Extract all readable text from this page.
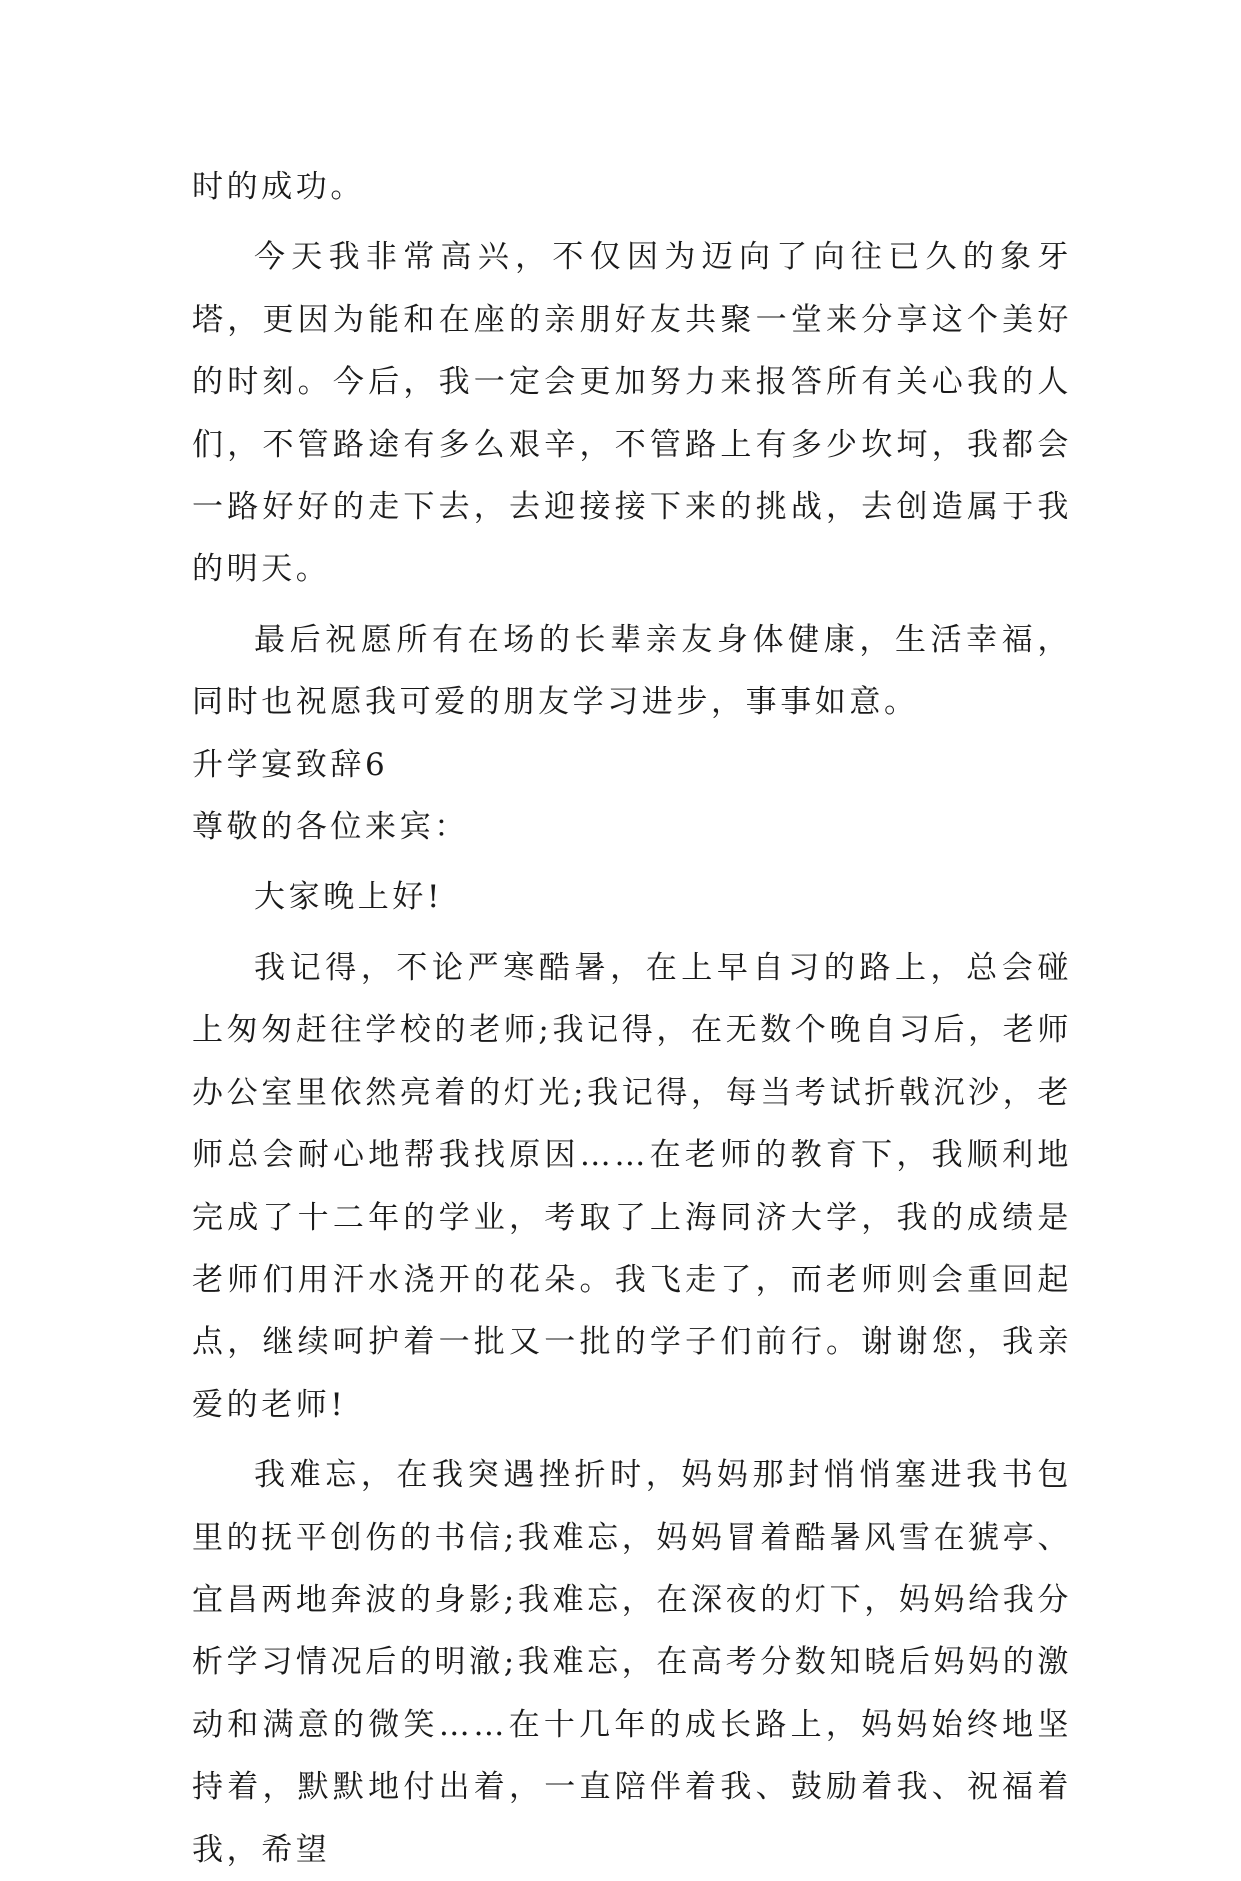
时的成功。

今天我非常高兴，不仅因为迈向了向往已久的象牙塔，更因为能和在座的亲朋好友共聚一堂来分享这个美好的时刻。今后，我一定会更加努力来报答所有关心我的人们，不管路途有多么艰辛，不管路上有多少坎坷，我都会一路好好的走下去，去迎接接下来的挑战，去创造属于我的明天。

最后祝愿所有在场的长辈亲友身体健康，生活幸福，同时也祝愿我可爱的朋友学习进步，事事如意。

升学宴致辞6

尊敬的各位来宾：

大家晚上好!

我记得，不论严寒酷暑，在上早自习的路上，总会碰上匆匆赶往学校的老师;我记得，在无数个晚自习后，老师办公室里依然亮着的灯光;我记得，每当考试折戟沉沙，老师总会耐心地帮我找原因……在老师的教育下，我顺利地完成了十二年的学业，考取了上海同济大学，我的成绩是老师们用汗水浇开的花朵。我飞走了，而老师则会重回起点，继续呵护着一批又一批的学子们前行。谢谢您，我亲爱的老师!

我难忘，在我突遇挫折时，妈妈那封悄悄塞进我书包里的抚平创伤的书信;我难忘，妈妈冒着酷暑风雪在猇亭、宜昌两地奔波的身影;我难忘，在深夜的灯下，妈妈给我分析学习情况后的明澈;我难忘，在高考分数知晓后妈妈的激动和满意的微笑……在十几年的成长路上，妈妈始终地坚持着，默默地付出着，一直陪伴着我、鼓励着我、祝福着我，希望
